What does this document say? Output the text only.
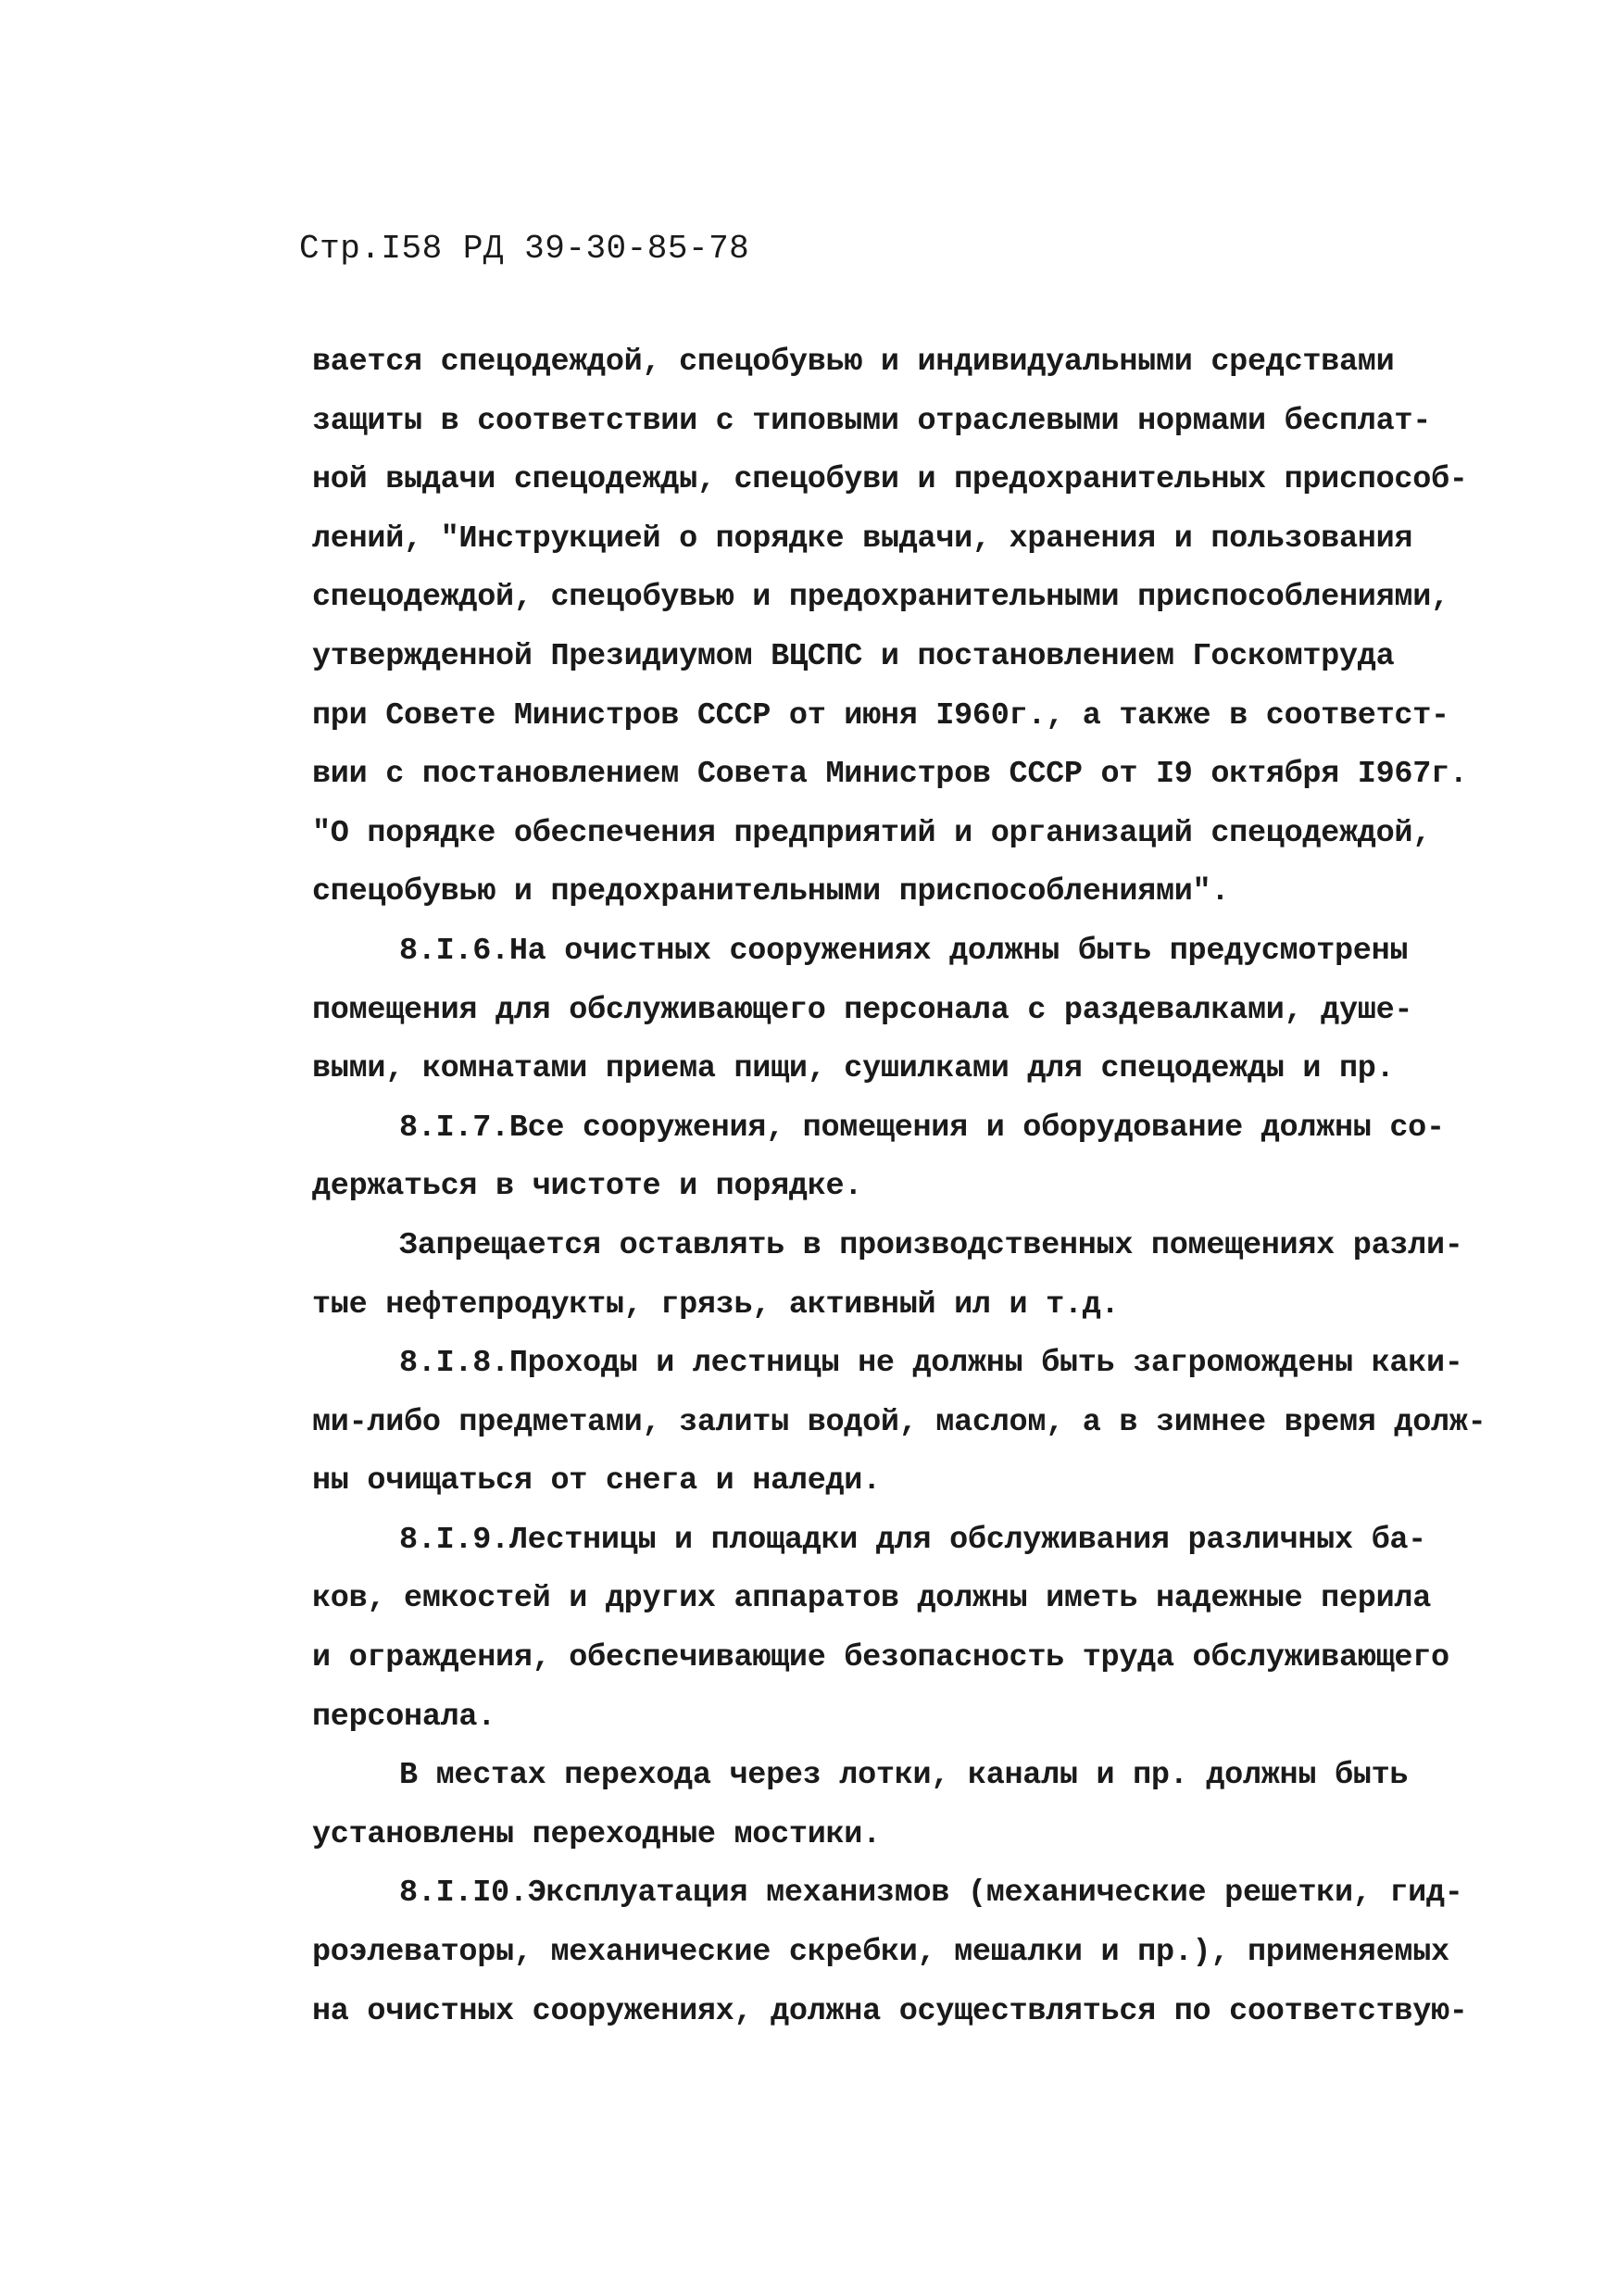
Стр.I58 РД 39-30-85-78
вается спецодеждой, спецобувью и индивидуальными средствами
защиты в соответствии с типовыми отраслевыми нормами бесплат-
ной выдачи спецодежды, спецобуви и предохранительных приспособ-
лений, "Инструкцией о порядке выдачи, хранения и пользования
спецодеждой, спецобувью и предохранительными приспособлениями,
утвержденной Президиумом ВЦСПС и постановлением Госкомтруда
при Совете Министров СССР от июня I960г., а также в соответст-
вии с постановлением Совета Министров СССР от I9 октября I967г.
"О порядке обеспечения предприятий и организаций спецодеждой,
спецобувью и предохранительными приспособлениями".
8.I.6.На очистных сооружениях должны быть предусмотрены
помещения для обслуживающего персонала с раздевалками, душе-
выми, комнатами приема пищи, сушилками для спецодежды и пр.
8.I.7.Все сооружения, помещения и оборудование должны со-
держаться в чистоте и порядке.
Запрещается оставлять в производственных помещениях разли-
тые нефтепродукты, грязь, активный ил и т.д.
8.I.8.Проходы и лестницы не должны быть загромождены каки-
ми-либо предметами, залиты водой, маслом, а в зимнее время долж-
ны очищаться от снега и наледи.
8.I.9.Лестницы и площадки для обслуживания различных ба-
ков, емкостей и других аппаратов должны иметь надежные перила
и ограждения, обеспечивающие безопасность труда обслуживающего
персонала.
В местах перехода через лотки, каналы и пр. должны быть
установлены переходные мостики.
8.I.I0.Эксплуатация механизмов (механические решетки, гид-
роэлеваторы, механические скребки, мешалки и пр.), применяемых
на очистных сооружениях, должна осуществляться по соответствую-
